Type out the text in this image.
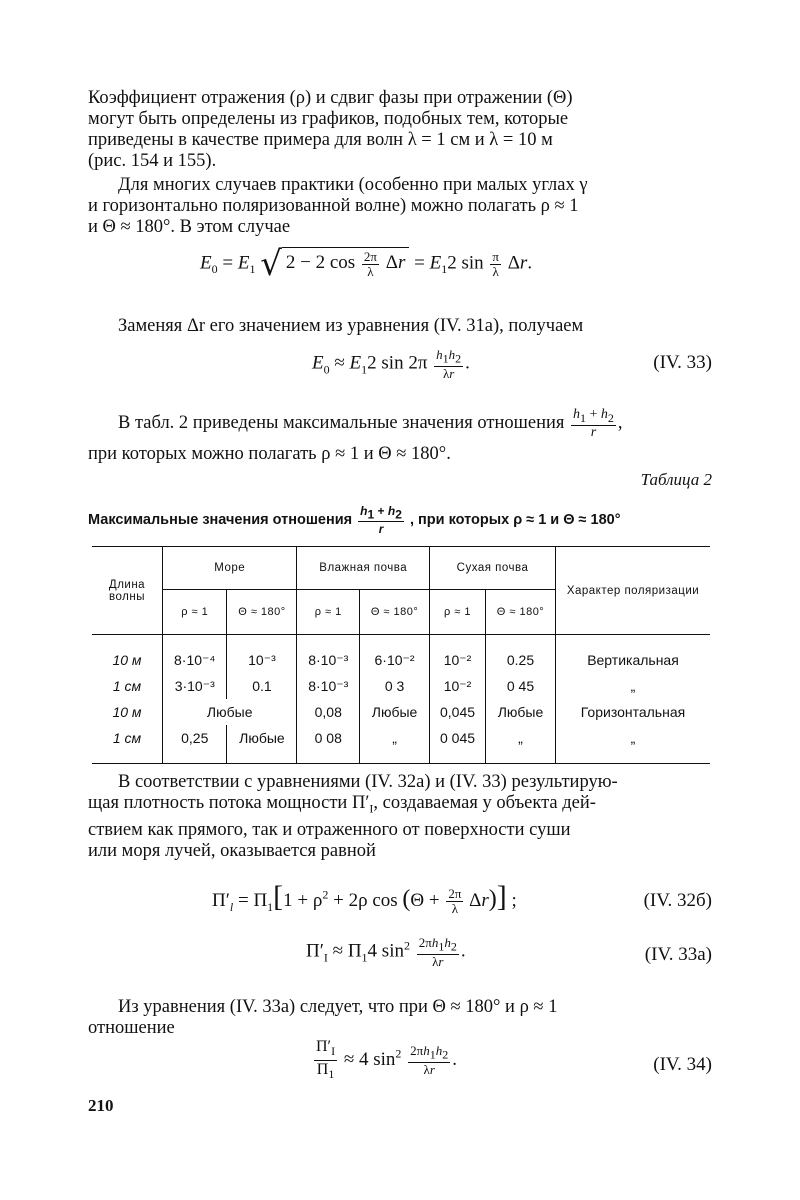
Коэффициент отражения (ρ) и сдвиг фазы при отражении (Θ)
могут быть определены из графиков, подобных тем, которые
приведены в качестве примера для волн λ = 1 см и λ = 10 м
(рис. 154 и 155).
Для многих случаев практики (особенно при малых углах γ
и горизонтально поляризованной волне) можно полагать ρ ≈ 1
и Θ ≈ 180°. В этом случае
$E_0 = E_1$ √ 2 − 2 $\cos \frac{2\pi}{\lambda}$ $\Delta r = E_12$ $\sin \frac{\pi}{\lambda} \Delta r$.
Заменяя Δr его значением из уравнения (IV. 31a), получаем
$E_0 \approx E_12$ $\sin 2\pi \frac{h_1h_2}{\lambda r}$ .	(IV. 33)
В табл. 2 приведены максимальные значения отношения $\frac{h_1 + h_2}{r}$ ,
при которых можно полагать ρ ≈ 1 и Θ ≈ 180°.
Таблица 2
Максимальные значения отношения $\frac{h_1 + h_2}{r}$ , при которых ρ ≈ 1 и Θ ≈ 180°
Длина волны	Море		Влажная почва		Сухая почва		Характер поляризации
	ρ ≈ 1	Θ ≈ 180°	ρ ≈ 1	Θ ≈ 180°	ρ ≈ 1	Θ ≈ 180°	
10 м	8·10⁻⁴	10⁻³	8·10⁻³	6·10⁻²	10⁻²	0.25	Вертикальная
1 см	3·10⁻³	0.1	8·10⁻³	0 3	10⁻²	0 45	„
10 м	Любые		0,08	Любые	0,045	Любые	Горизонтальная
1 см	0,25	Любые	0 08	„	0 045	„	„
В соответствии с уравнениями (IV. 32a) и (IV. 33) результирую-
щая плотность потока мощности $\Pi'_I$, создаваемая у объекта дей-
ствием как прямого, так и отраженного от поверхности суши
или моря лучей, оказывается равной
$\Pi'_l = \Pi_1[1 + \rho^2 + 2\rho$ $\cos (\Theta + \frac{2\pi}{\lambda} \Delta r)$] ;	(IV. 32б)
$\Pi'_I \approx \Pi_14$ $\sin^2 \frac{2\pi h_1h_2}{\lambda r}$ .	(IV. 33a)
Из уравнения (IV. 33a) следует, что при Θ ≈ 180° и ρ ≈ 1
отношение
$\frac{\Pi'_I}{\Pi_1} \approx 4$ $\sin^2 \frac{2\pi h_1h_2}{\lambda r}$ .	(IV. 34)
210
